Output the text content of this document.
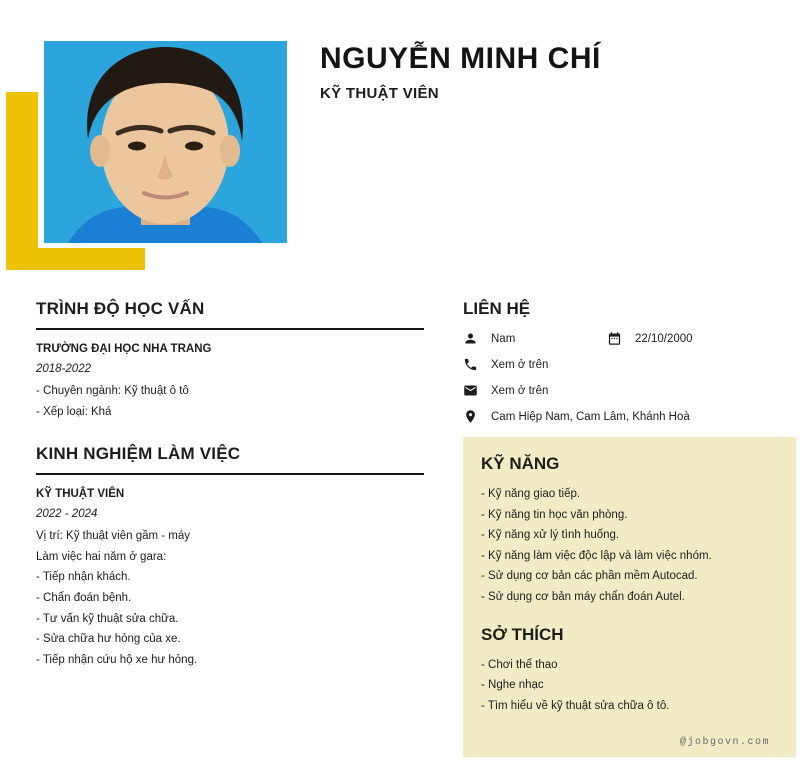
NGUYỄN MINH CHÍ
KỸ THUẬT VIÊN
TRÌNH ĐỘ HỌC VẤN
TRƯỜNG ĐẠI HỌC NHA TRANG
2018-2022
- Chuyên ngành: Kỹ thuật ô tô
- Xếp loại: Khá
KINH NGHIỆM LÀM VIỆC
KỸ THUẬT VIÊN
2022 - 2024
Vị trí: Kỹ thuật viên gầm - máy
Làm việc hai năm ở gara:
- Tiếp nhận khách.
- Chẩn đoán bệnh.
- Tư vấn kỹ thuật sửa chữa.
- Sửa chữa hư hỏng của xe.
- Tiếp nhận cứu hộ xe hư hỏng.
LIÊN HỆ
Nam	22/10/2000
Xem ở trên
Xem ở trên
Cam Hiệp Nam, Cam Lâm, Khánh Hoà
KỸ NĂNG
- Kỹ năng giao tiếp.
- Kỹ năng tin học văn phòng.
- Kỹ năng xử lý tình huống.
- Kỹ năng làm việc độc lập và làm việc nhóm.
- Sử dụng cơ bản các phần mềm Autocad.
- Sử dụng cơ bản máy chẩn đoán Autel.
SỞ THÍCH
- Chơi thể thao
- Nghe nhạc
- Tìm hiểu về kỹ thuật sửa chữa ô tô.
@jobgovn.com
